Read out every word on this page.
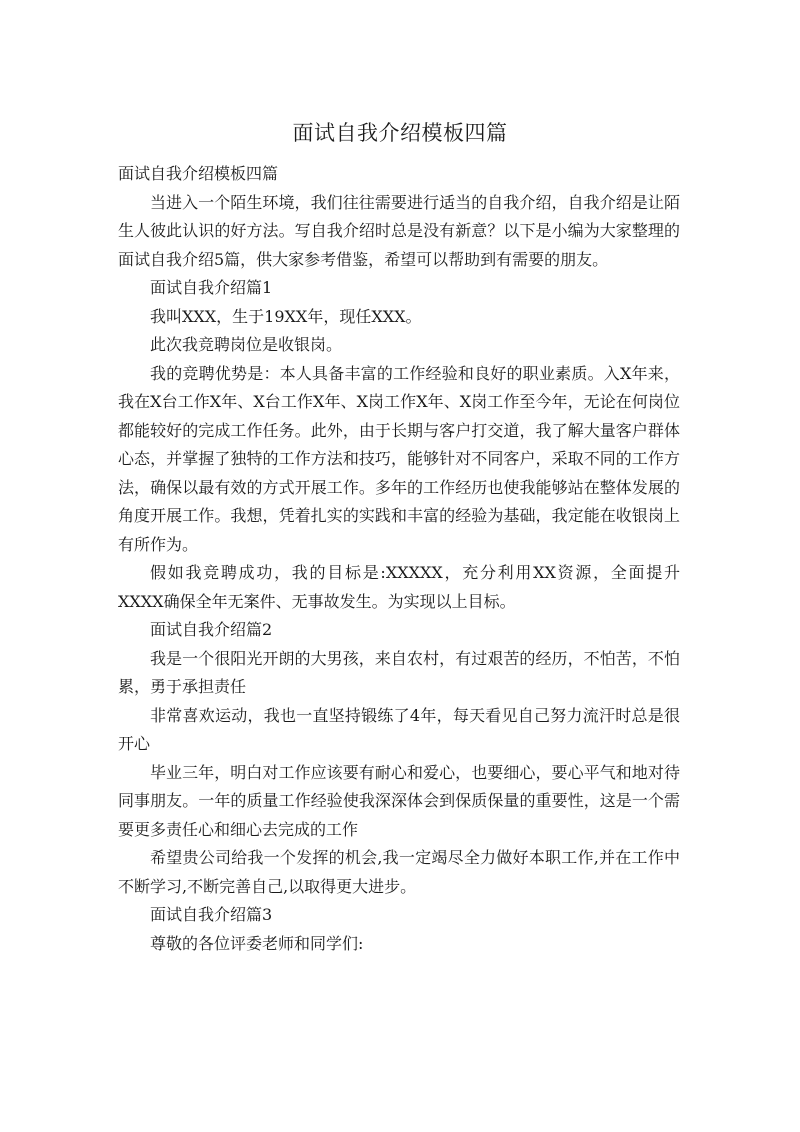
面试自我介绍模板四篇

面试自我介绍模板四篇

当进入一个陌生环境，我们往往需要进行适当的自我介绍，自我介绍是让陌生人彼此认识的好方法。写自我介绍时总是没有新意？以下是小编为大家整理的面试自我介绍5篇，供大家参考借鉴，希望可以帮助到有需要的朋友。

面试自我介绍篇1

我叫XXX，生于19XX年，现任XXX。

此次我竞聘岗位是收银岗。

我的竞聘优势是：本人具备丰富的工作经验和良好的职业素质。入X年来，我在X台工作X年、X台工作X年、X岗工作X年、X岗工作至今年，无论在何岗位都能较好的完成工作任务。此外，由于长期与客户打交道，我了解大量客户群体心态，并掌握了独特的工作方法和技巧，能够针对不同客户，采取不同的工作方法，确保以最有效的方式开展工作。多年的工作经历也使我能够站在整体发展的角度开展工作。我想，凭着扎实的实践和丰富的经验为基础，我定能在收银岗上有所作为。

假如我竞聘成功，我的目标是:XXXXX，充分利用XX资源，全面提升XXXX确保全年无案件、无事故发生。为实现以上目标。

面试自我介绍篇2

我是一个很阳光开朗的大男孩，来自农村，有过艰苦的经历，不怕苦，不怕累，勇于承担责任

非常喜欢运动，我也一直坚持锻练了4年，每天看见自己努力流汗时总是很开心

毕业三年，明白对工作应该要有耐心和爱心，也要细心，要心平气和地对待同事朋友。一年的质量工作经验使我深深体会到保质保量的重要性，这是一个需要更多责任心和细心去完成的工作

希望贵公司给我一个发挥的机会,我一定竭尽全力做好本职工作,并在工作中不断学习,不断完善自己,以取得更大进步。

面试自我介绍篇3

尊敬的各位评委老师和同学们:
